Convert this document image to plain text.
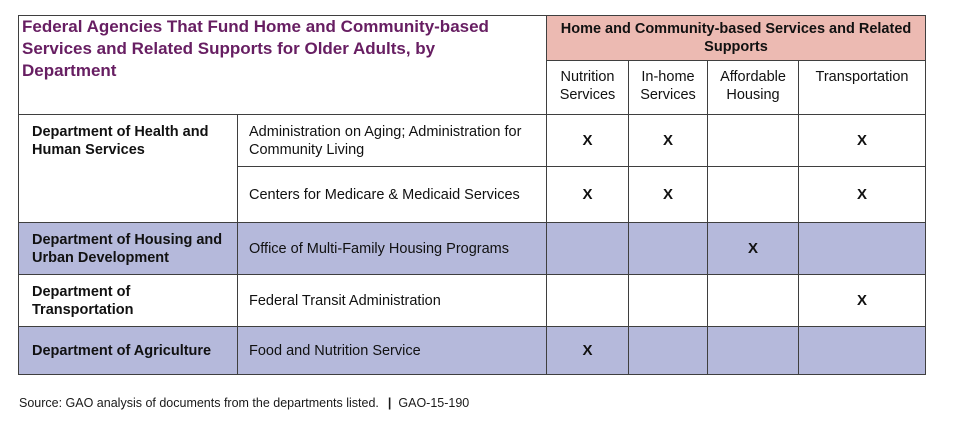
Federal Agencies That Fund Home and Community-based Services and Related Supports for Older Adults, by Department		Home and Community-based Services and Related Supports			
		Nutrition Services	In-home Services	Affordable Housing	Transportation
Department of Health and Human Services	Administration on Aging; Administration for Community Living	X	X		X
	Centers for Medicare & Medicaid Services	X	X		X
Department of Housing and Urban Development	Office of Multi-Family Housing Programs			X	
Department of Transportation	Federal Transit Administration				X
Department of Agriculture	Food and Nutrition Service	X			
Source: GAO analysis of documents from the departments listed. | GAO-15-190
